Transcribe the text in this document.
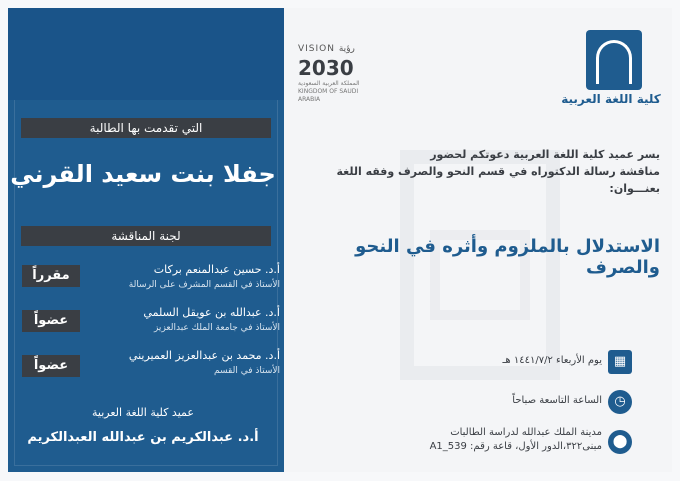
التي تقدمت بها الطالبة
جفلا بنت سعيد القرني
لجنة المناقشة
أ.د. حسين عبدالمنعم بركات
الأستاذ في القسم المشرف على الرسالة
مقرراً
أ.د. عبدالله بن عويقل السلمي
الأستاذ في جامعة الملك عبدالعزيز
عضواً
أ.د. محمد بن عبدالعزيز العميريني
الأستاذ في القسم
عضواً
عميد كلية اللغة العربية
أ.د. عبدالكريم بن عبدالله العبدالكريم
كلية اللغة العربية
VISION رؤية
2030
المملكة العربية السعودية KINGDOM OF SAUDI ARABIA
يسر عميد كلية اللغة العربية دعوتكم لحضور
مناقشة رسالة الدكتوراه في قسم النحو والصرف وفقه اللغة
بعنـــوان:
الاستدلال بالملزوم وأثره في النحو والصرف
▦
يوم الأربعاء ١٤٤١/٧/٢ هـ
◷
الساعة التاسعة صباحاً
⬤
مدينة الملك عبدالله لدراسة الطالبات
مبنى٣٢٢،الدور الأول، قاعة رقم: A1_539
